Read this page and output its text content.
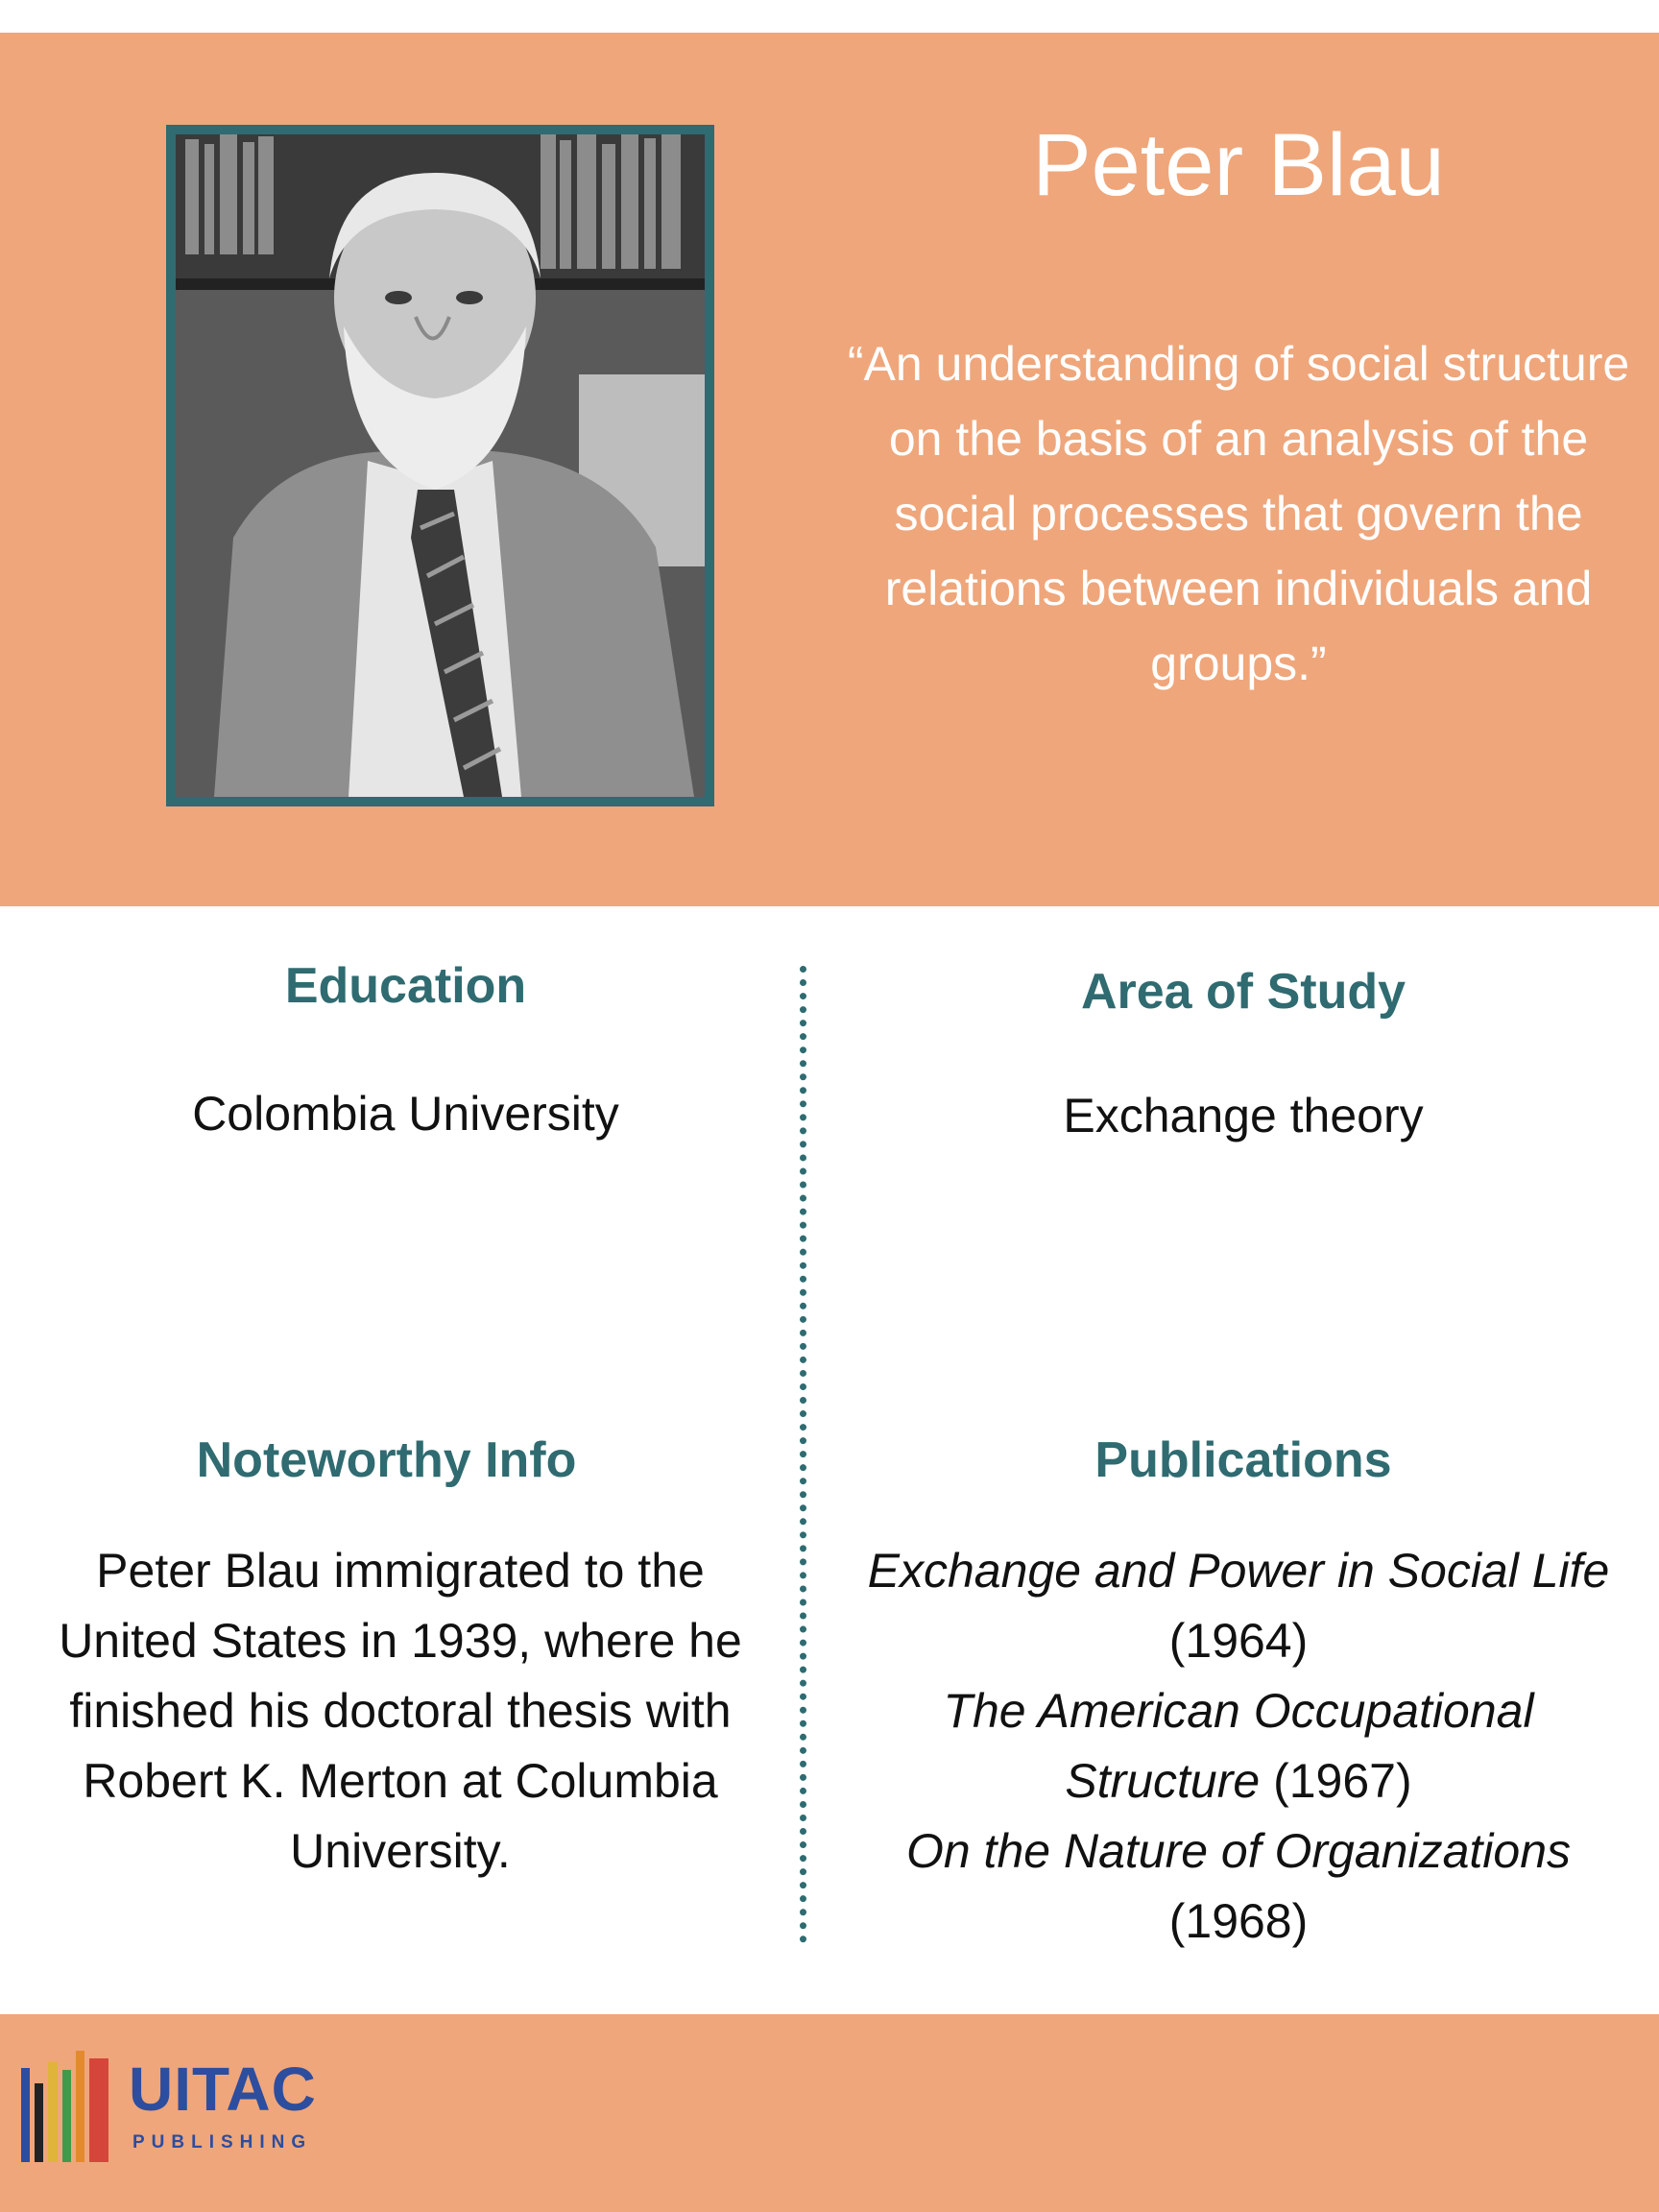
Peter Blau
“An understanding of social structure on the basis of an analysis of the social processes that govern the relations between individuals and groups.”
Education
Colombia University
Area of Study
Exchange theory
Noteworthy Info
Peter Blau immigrated to the United States in 1939, where he finished his doctoral thesis with Robert K. Merton at Columbia University.
Publications
Exchange and Power in Social Life (1964)
The American Occupational Structure (1967)
On the Nature of Organizations (1968)
UITAC
PUBLISHING
